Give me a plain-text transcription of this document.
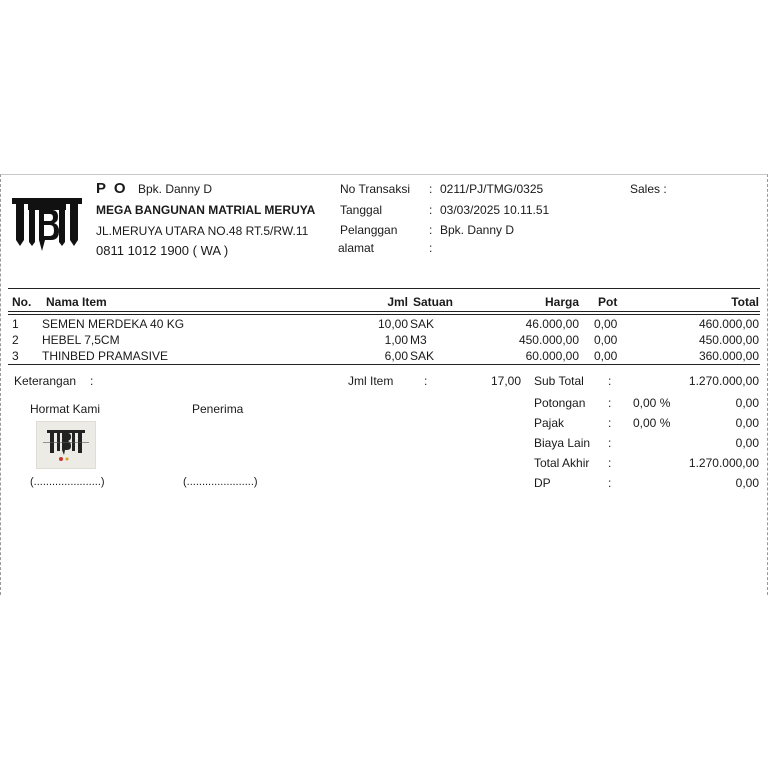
P O Bpk. Danny D
MEGA BANGUNAN MATRIAL MERUYA
JL.MERUYA UTARA NO.48 RT.5/RW.11
0811 1012 1900 ( WA )
No Transaksi : 0211/PJ/TMG/0325
Tanggal	: 03/03/2025 10.11.51
Pelanggan	: Bpk. Danny D
alamat	:
Sales :
No. Nama Item	Jml Satuan	Harga Pot	Total
1 SEMEN MERDEKA 40 KG	10,00 SAK	46.000,00 0,00	460.000,00
2 HEBEL 7,5CM	1,00 M3	450.000,00 0,00	450.000,00
3 THINBED PRAMASIVE	6,00 SAK	60.000,00 0,00	360.000,00
Keterangan :	Jml Item	:	17,00
Hormat Kami	Penerima
(......................)	(......................)
Sub Total :	1.270.000,00
Potongan : 0,00 %	0,00
Pajak	: 0,00 %	0,00
Biaya Lain :	0,00
Total Akhir :	1.270.000,00
DP	:	0,00
